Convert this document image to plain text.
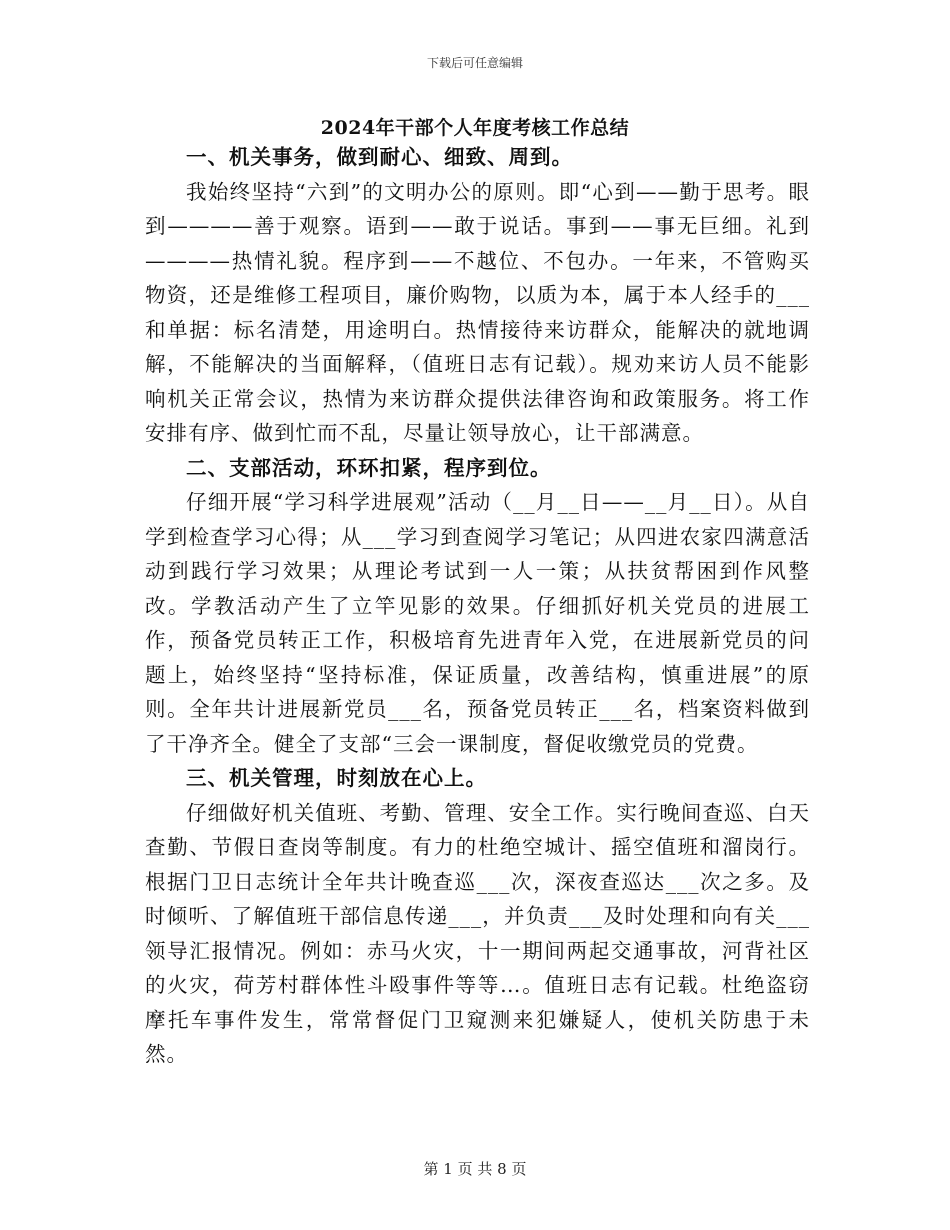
下载后可任意编辑
2024年干部个人年度考核工作总结
一、机关事务，做到耐心、细致、周到。

我始终坚持“六到”的文明办公的原则。即“心到——勤于思考。眼到————善于观察。语到——敢于说话。事到——事无巨细。礼到————热情礼貌。程序到——不越位、不包办。一年来，不管购买物资，还是维修工程项目，廉价购物，以质为本，属于本人经手的___和单据：标名清楚，用途明白。热情接待来访群众，能解决的就地调解，不能解决的当面解释，（值班日志有记载）。规劝来访人员不能影响机关正常会议，热情为来访群众提供法律咨询和政策服务。将工作安排有序、做到忙而不乱，尽量让领导放心，让干部满意。

二、支部活动，环环扣紧，程序到位。

仔细开展“学习科学进展观”活动（__月__日——__月__日）。从自学到检查学习心得；从___学习到查阅学习笔记；从四进农家四满意活动到践行学习效果；从理论考试到一人一策；从扶贫帮困到作风整改。学教活动产生了立竿见影的效果。仔细抓好机关党员的进展工作，预备党员转正工作，积极培育先进青年入党，在进展新党员的问题上，始终坚持“坚持标准，保证质量，改善结构，慎重进展”的原则。全年共计进展新党员___名，预备党员转正___名，档案资料做到了干净齐全。健全了支部“三会一课制度，督促收缴党员的党费。

三、机关管理，时刻放在心上。

仔细做好机关值班、考勤、管理、安全工作。实行晚间查巡、白天查勤、节假日查岗等制度。有力的杜绝空城计、摇空值班和溜岗行。根据门卫日志统计全年共计晚查巡___次，深夜查巡达___次之多。及时倾听、了解值班干部信息传递___，并负责___及时处理和向有关___领导汇报情况。例如：赤马火灾，十一期间两起交通事故，河背社区的火灾，荷芳村群体性斗殴事件等等…。值班日志有记载。杜绝盗窃摩托车事件发生，常常督促门卫窥测来犯嫌疑人，使机关防患于未然。

第 1 页 共 8 页
